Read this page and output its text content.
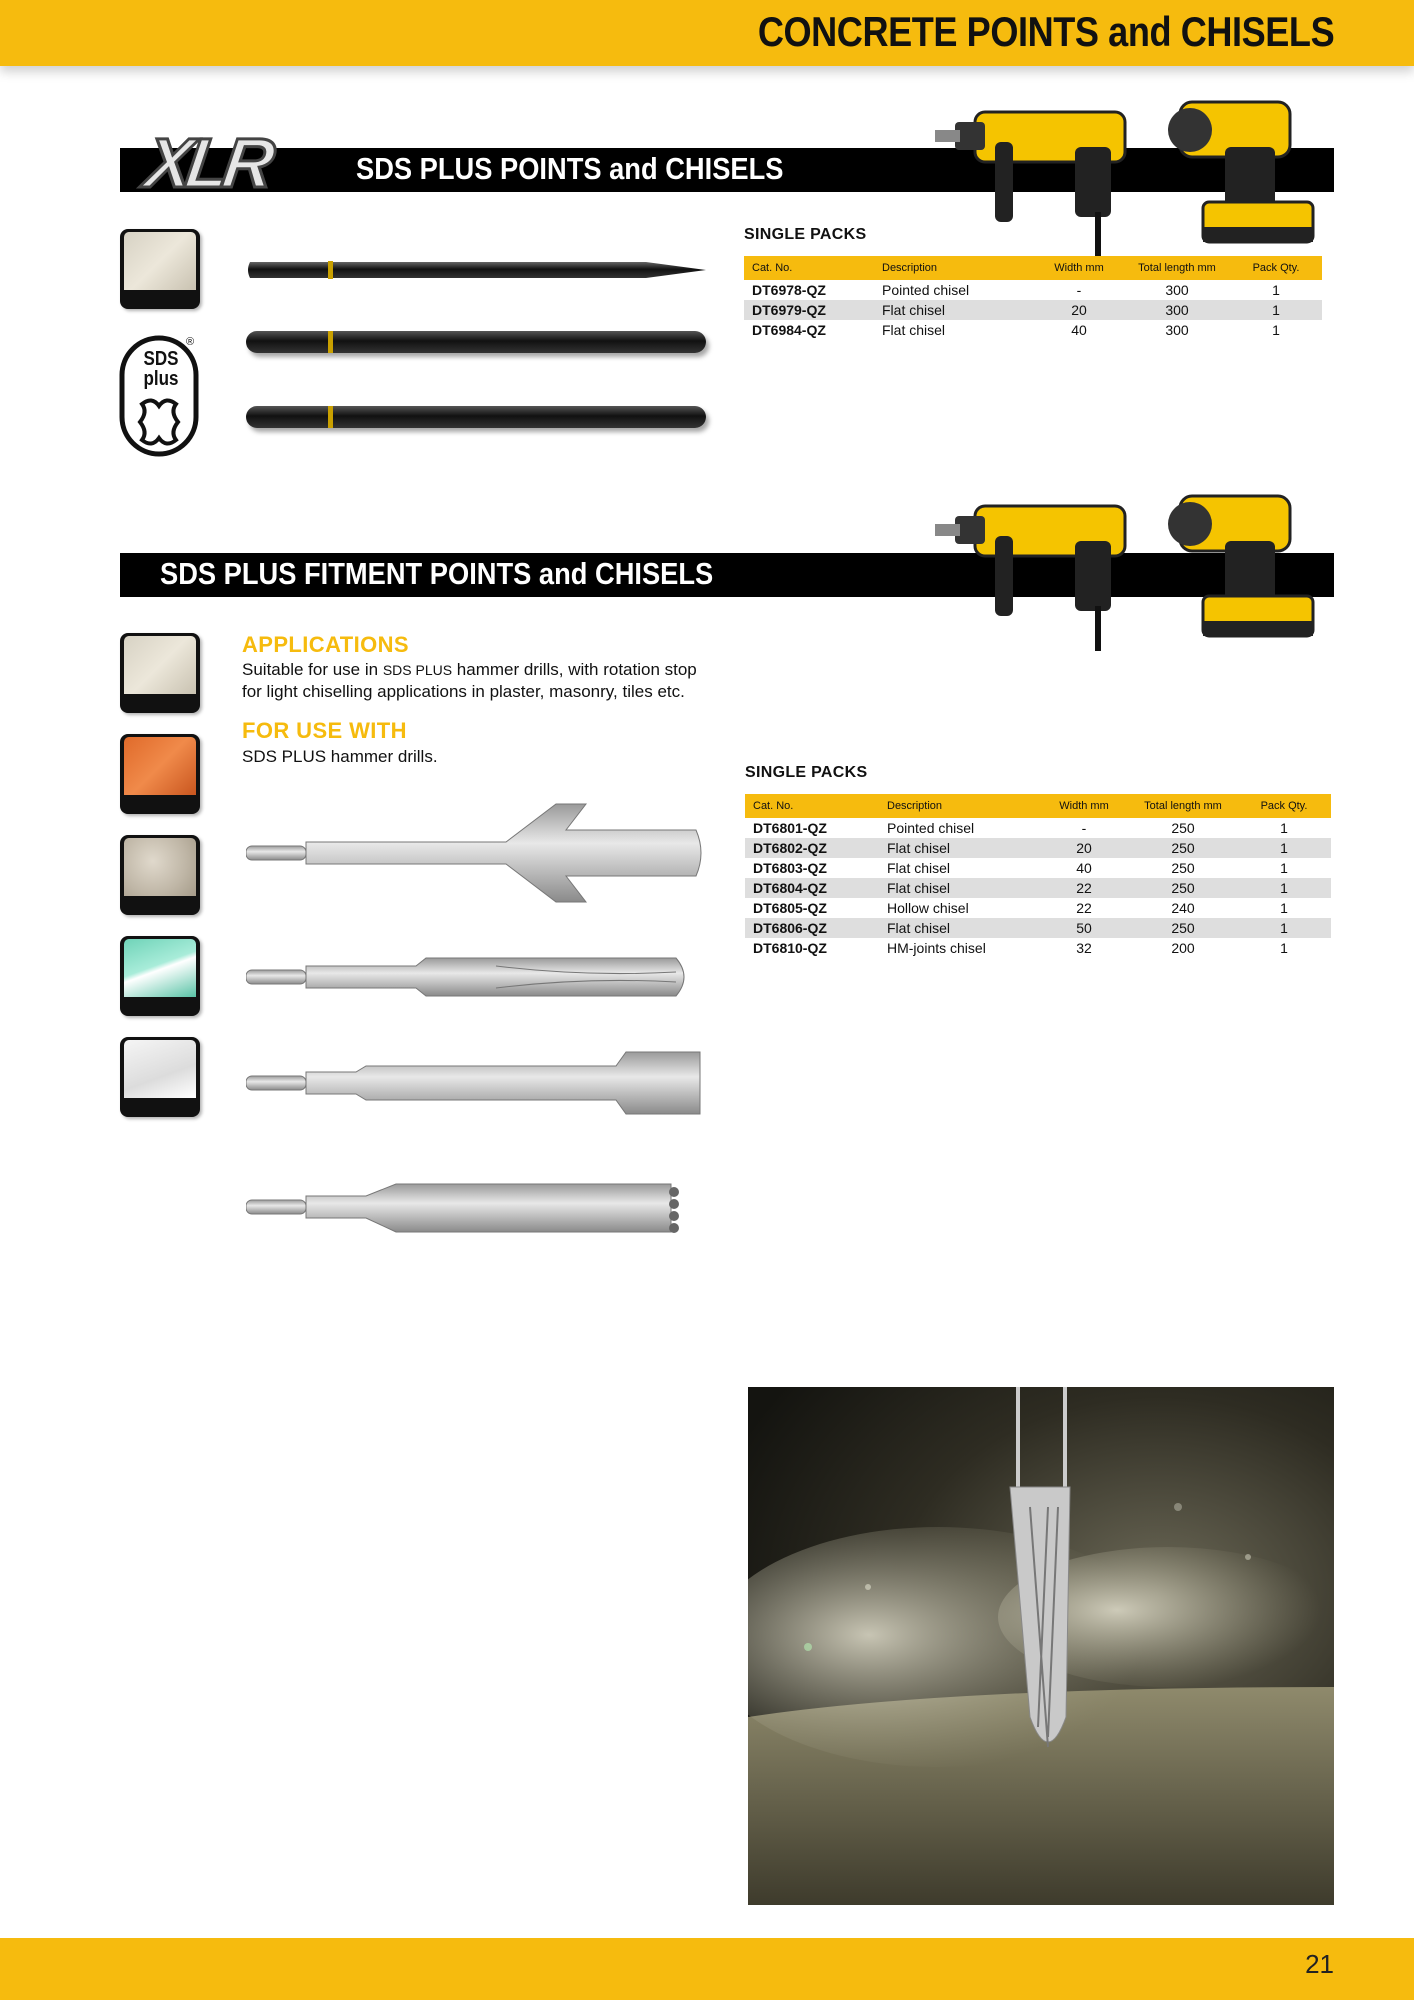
CONCRETE POINTS and CHISELS
XLR	SDS PLUS POINTS and CHISELS
SDS
plus
®
SINGLE PACKS
Cat. No.	Description	Width mm	Total length mm	Pack Qty.
DT6978-QZ	Pointed chisel	-	300	1
DT6979-QZ	Flat chisel	20	300	1
DT6984-QZ	Flat chisel	40	300	1
SDS PLUS FITMENT POINTS and CHISELS
APPLICATIONS
Suitable for use in SDS PLUS hammer drills, with rotation stop
for light chiselling applications in plaster, masonry, tiles etc.
FOR USE WITH
SDS PLUS hammer drills.
SINGLE PACKS
Cat. No.	Description	Width mm	Total length mm	Pack Qty.
DT6801-QZ	Pointed chisel	-	250	1
DT6802-QZ	Flat chisel	20	250	1
DT6803-QZ	Flat chisel	40	250	1
DT6804-QZ	Flat chisel	22	250	1
DT6805-QZ	Hollow chisel	22	240	1
DT6806-QZ	Flat chisel	50	250	1
DT6810-QZ	HM-joints chisel	32	200	1
21
